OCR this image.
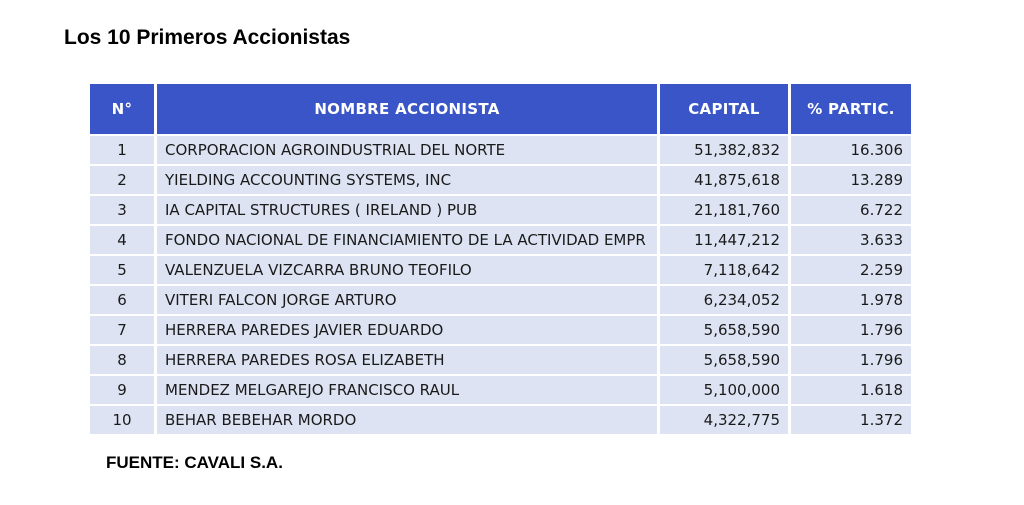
Los 10 Primeros Accionistas
N°	NOMBRE ACCIONISTA	CAPITAL	% PARTIC.
1	CORPORACION AGROINDUSTRIAL DEL NORTE	51,382,832	16.306
2	YIELDING ACCOUNTING SYSTEMS, INC	41,875,618	13.289
3	IA CAPITAL STRUCTURES ( IRELAND ) PUB	21,181,760	6.722
4	FONDO NACIONAL DE FINANCIAMIENTO DE LA ACTIVIDAD EMPR	11,447,212	3.633
5	VALENZUELA VIZCARRA BRUNO TEOFILO	7,118,642	2.259
6	VITERI FALCON JORGE ARTURO	6,234,052	1.978
7	HERRERA PAREDES JAVIER EDUARDO	5,658,590	1.796
8	HERRERA PAREDES ROSA ELIZABETH	5,658,590	1.796
9	MENDEZ MELGAREJO FRANCISCO RAUL	5,100,000	1.618
10	BEHAR BEBEHAR MORDO	4,322,775	1.372
FUENTE: CAVALI S.A.
